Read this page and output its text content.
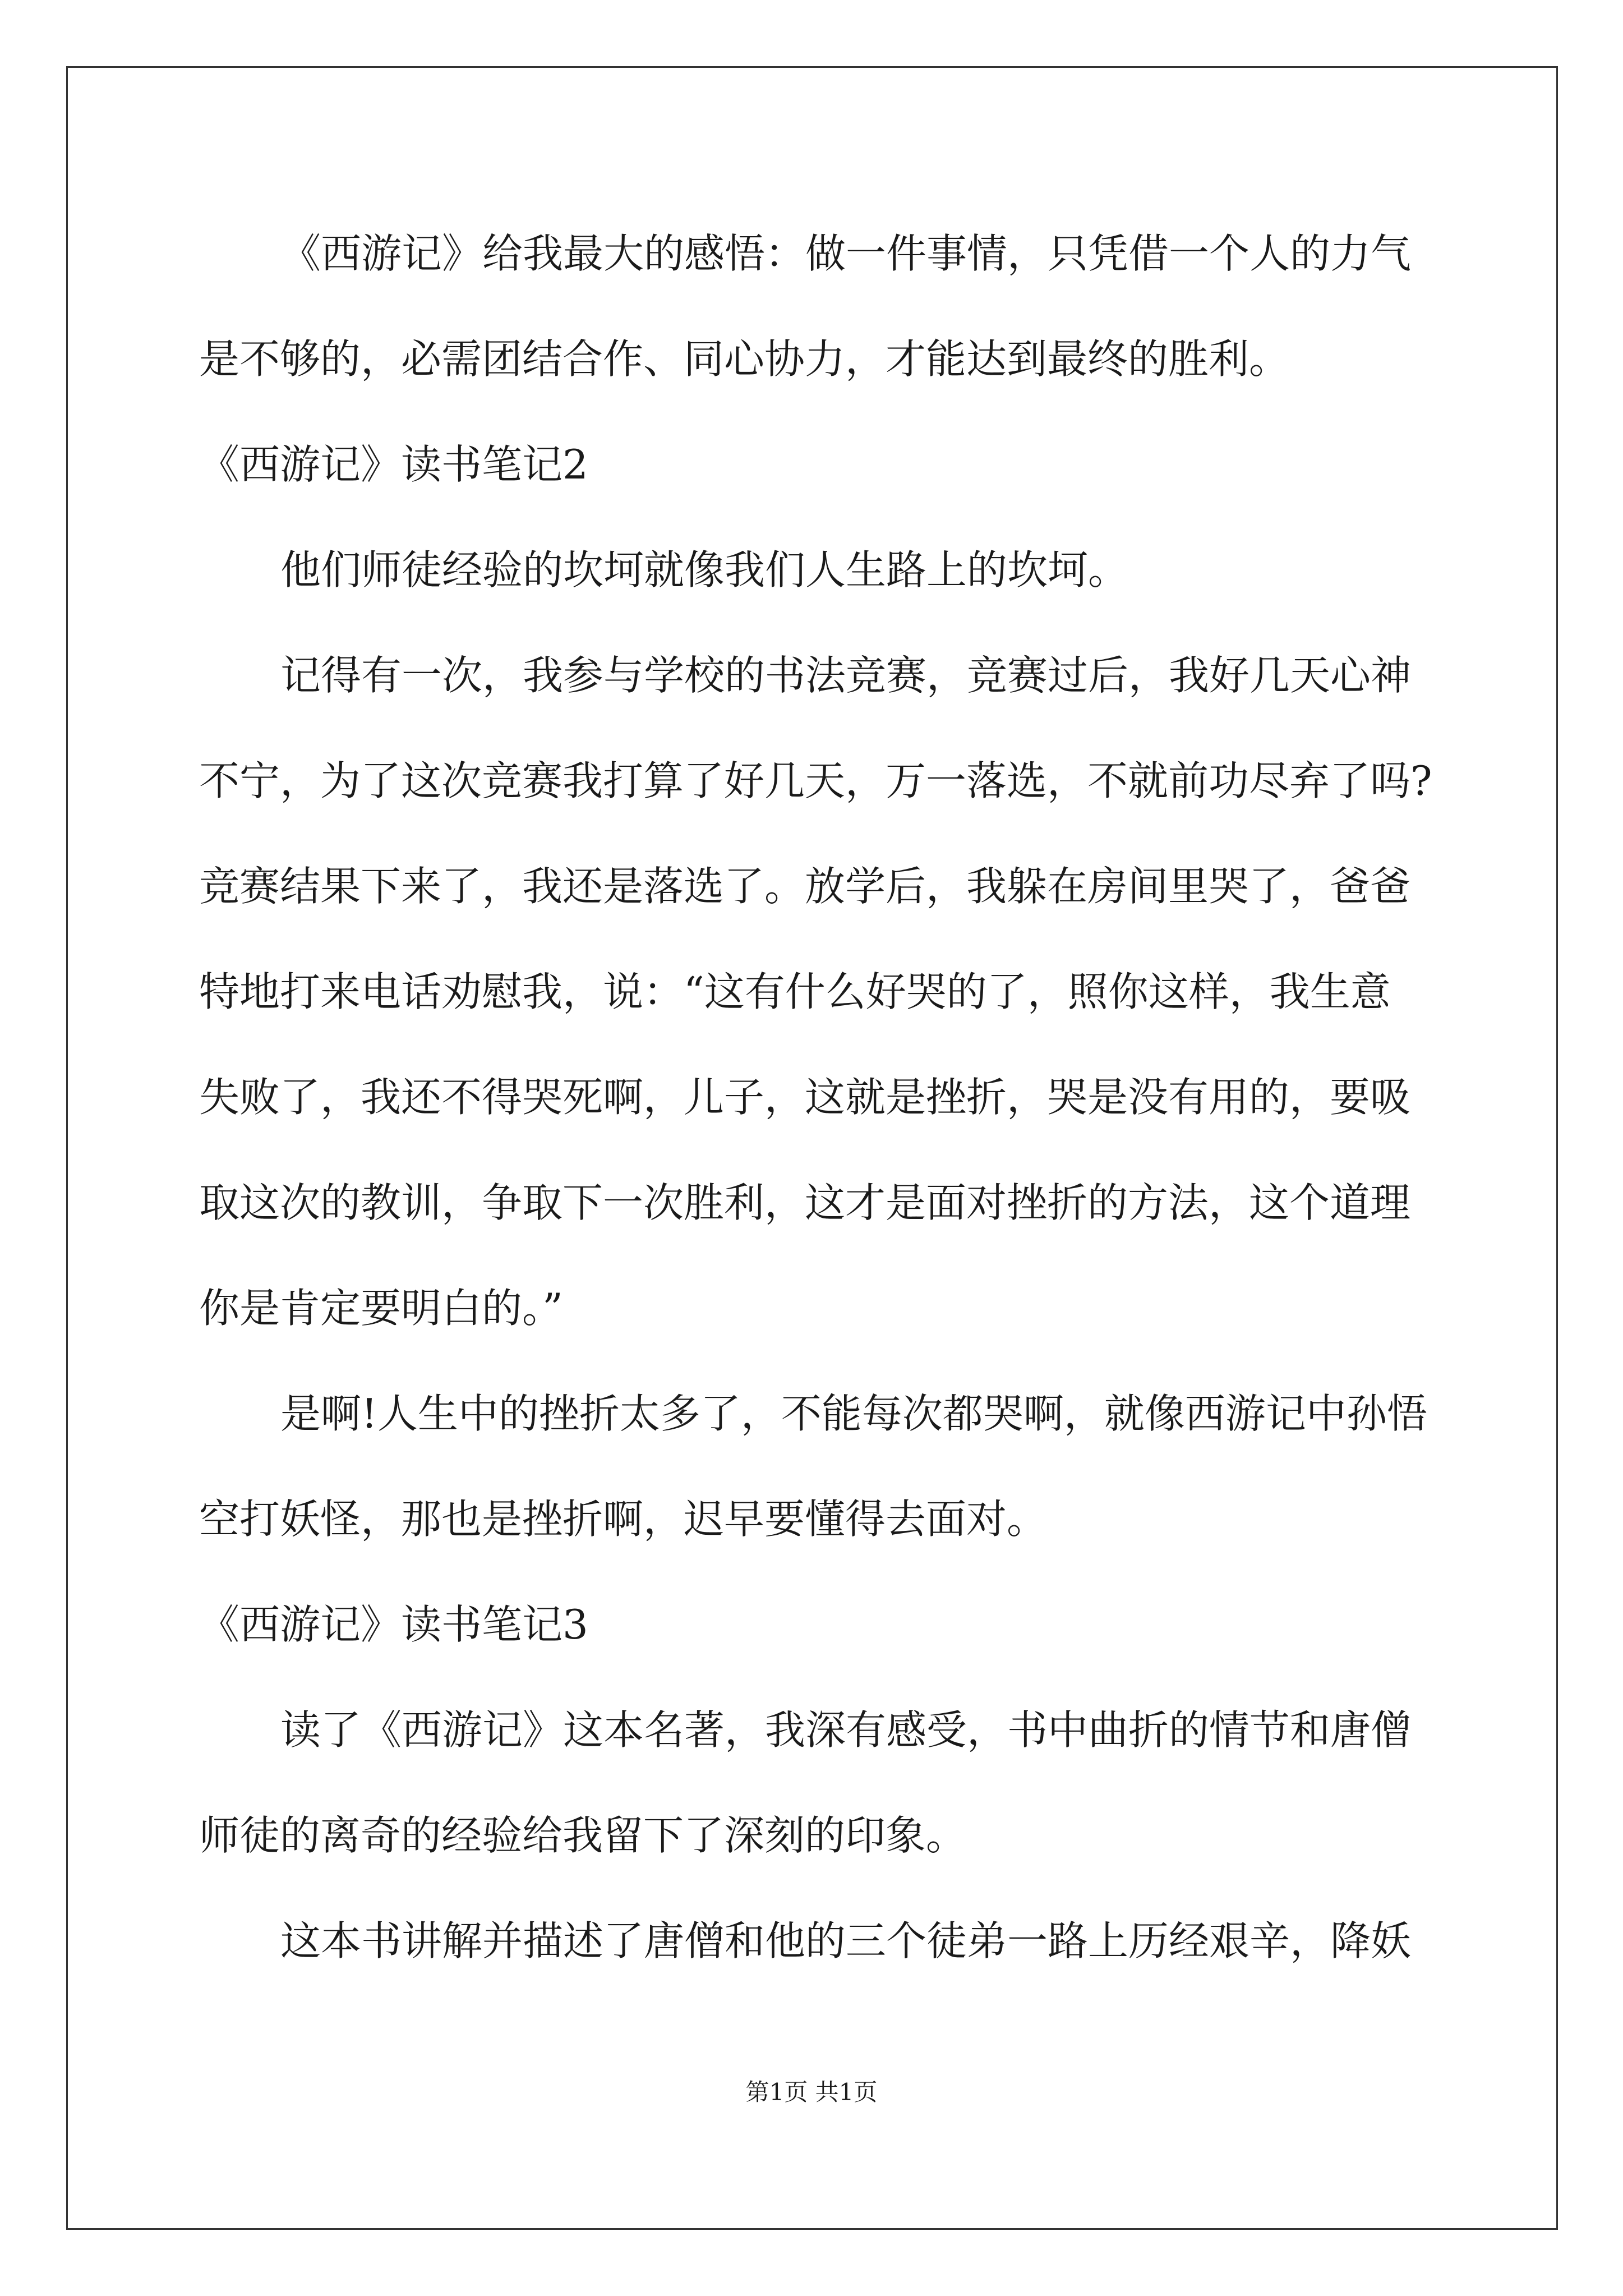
《西游记》给我最大的感悟：做一件事情，只凭借一个人的力气
是不够的，必需团结合作、同心协力，才能达到最终的胜利。
《西游记》读书笔记2
他们师徒经验的坎坷就像我们人生路上的坎坷。
记得有一次，我参与学校的书法竞赛，竞赛过后，我好几天心神
不宁，为了这次竞赛我打算了好几天，万一落选，不就前功尽弃了吗?
竞赛结果下来了，我还是落选了。放学后，我躲在房间里哭了，爸爸
特地打来电话劝慰我，说：“这有什么好哭的了，照你这样，我生意
失败了，我还不得哭死啊，儿子，这就是挫折，哭是没有用的，要吸
取这次的教训，争取下一次胜利，这才是面对挫折的方法，这个道理
你是肯定要明白的。”
是啊!人生中的挫折太多了，不能每次都哭啊，就像西游记中孙悟
空打妖怪，那也是挫折啊，迟早要懂得去面对。
《西游记》读书笔记3
读了《西游记》这本名著，我深有感受，书中曲折的情节和唐僧
师徒的离奇的经验给我留下了深刻的印象。
这本书讲解并描述了唐僧和他的三个徒弟一路上历经艰辛，降妖
第1页 共1页
